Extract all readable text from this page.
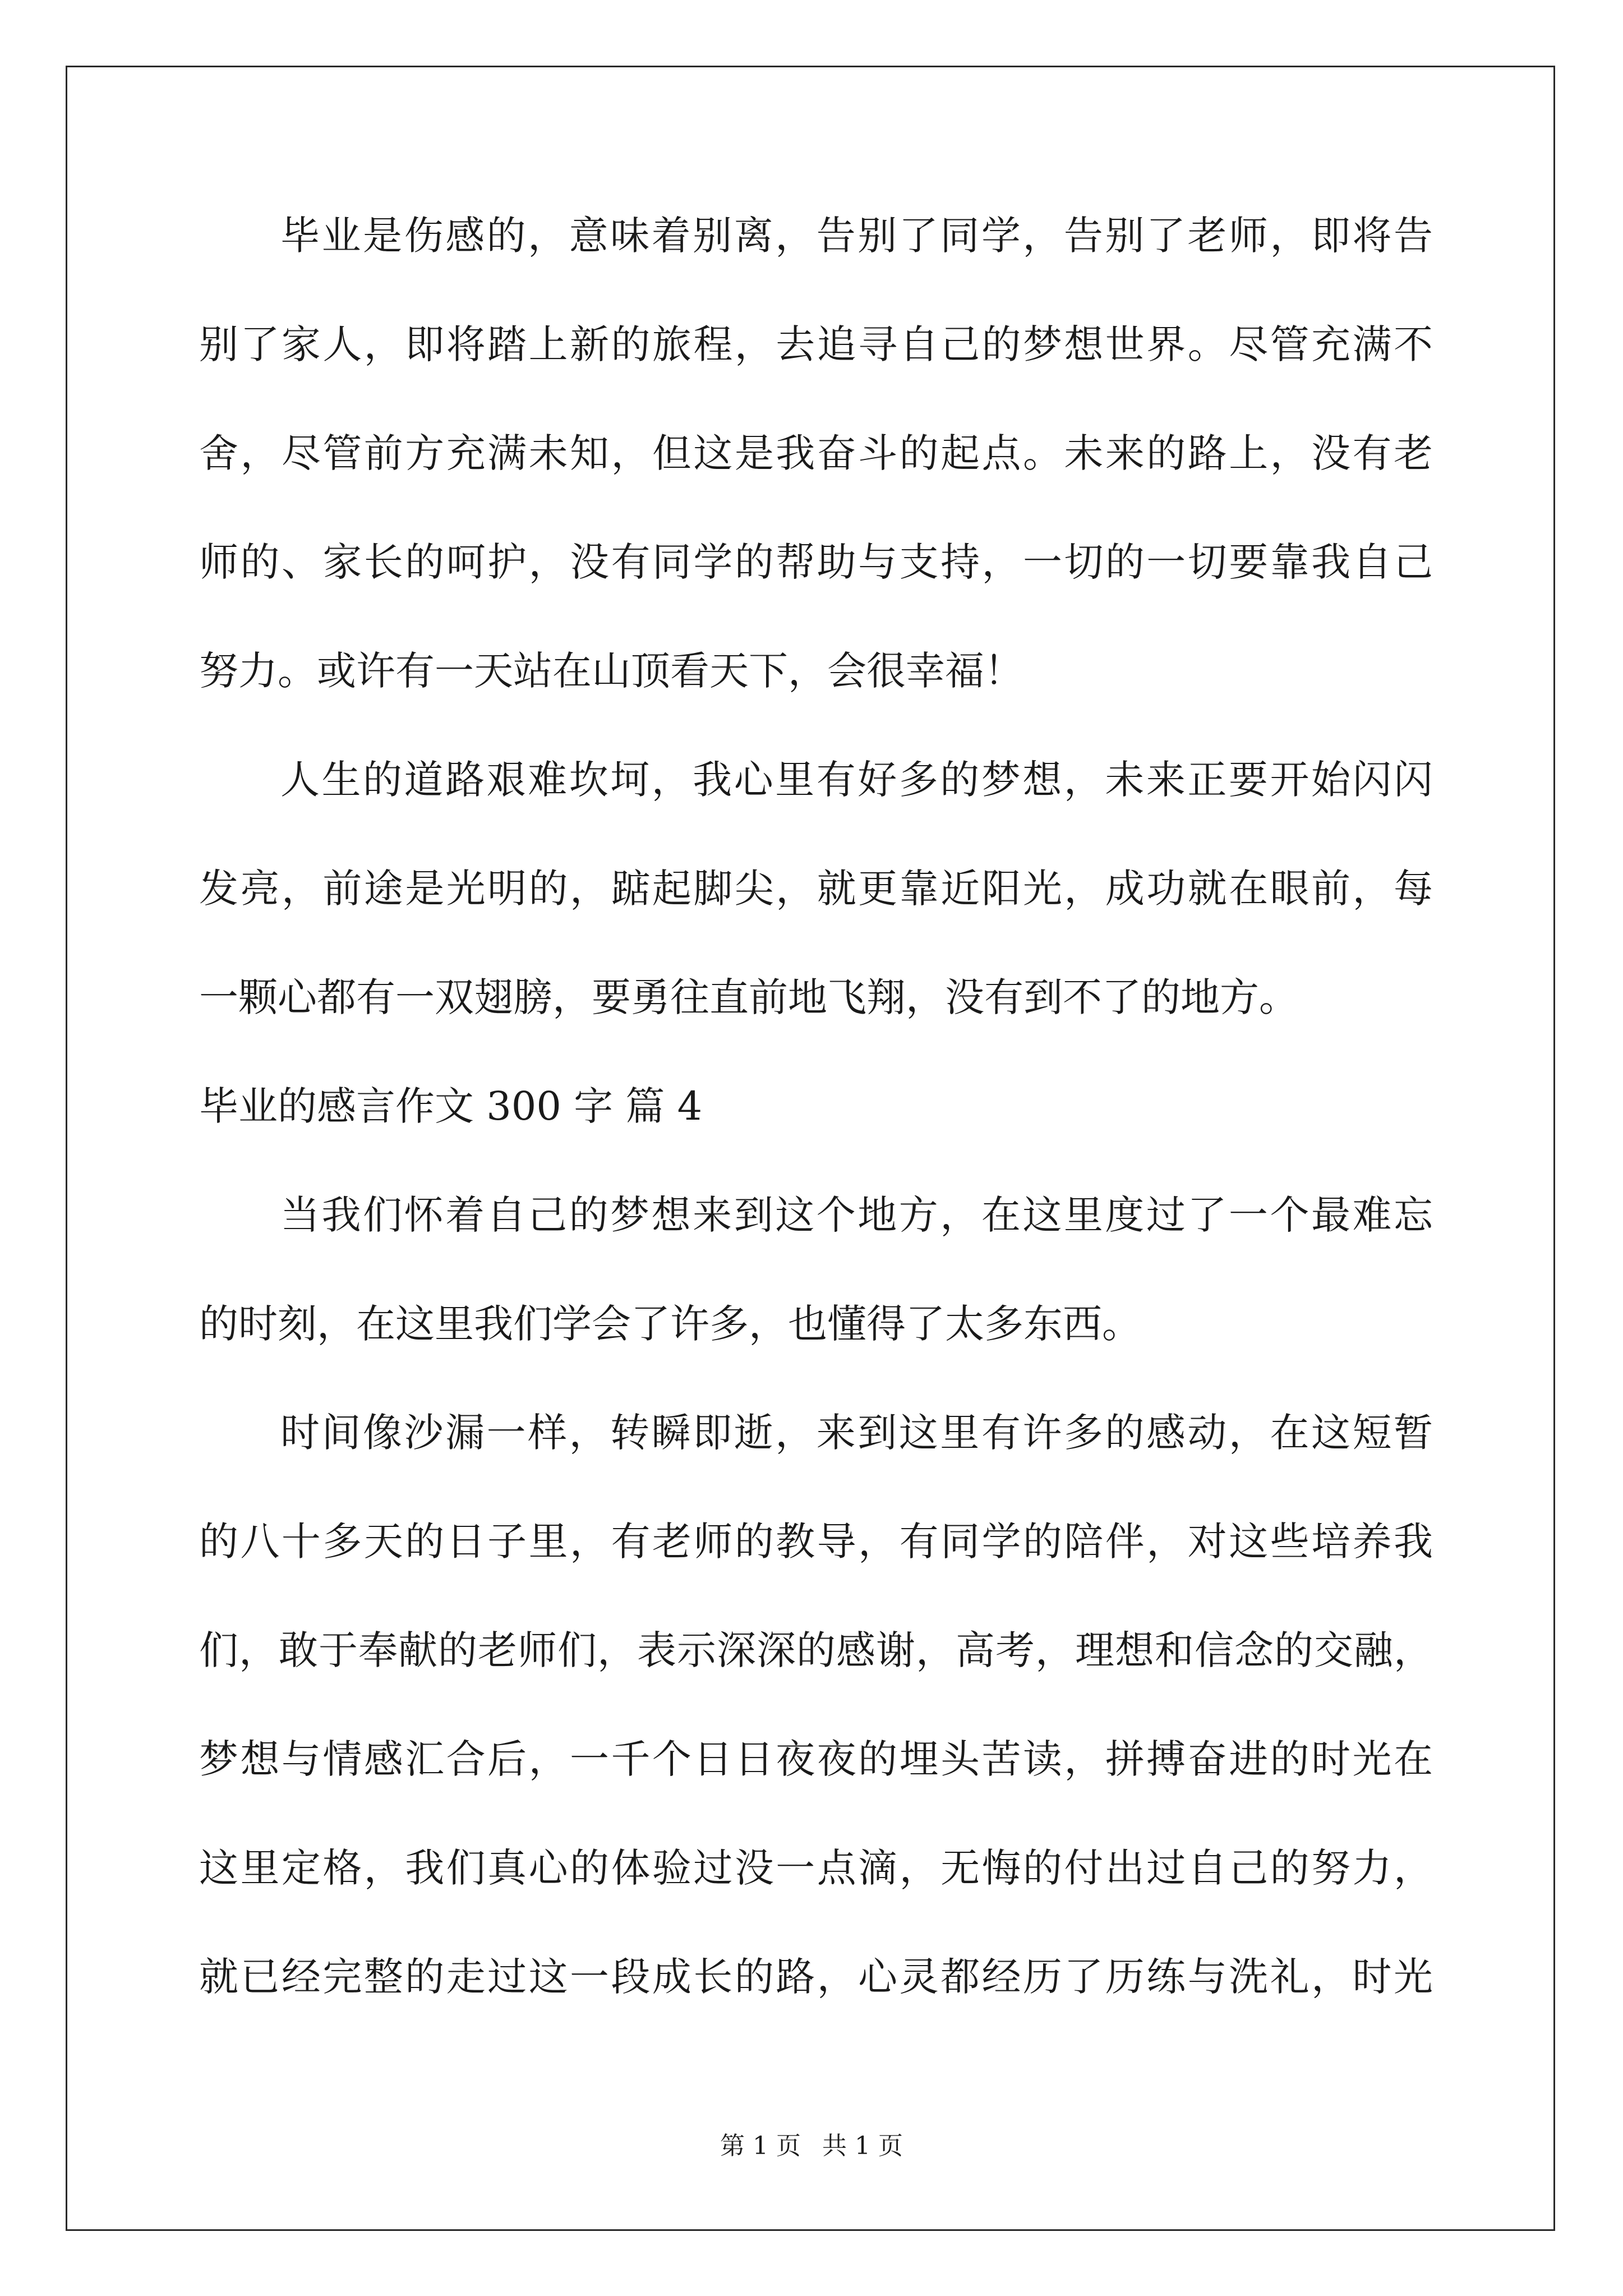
毕业是伤感的，意味着别离，告别了同学，告别了老师，即将告
别了家人，即将踏上新的旅程，去追寻自己的梦想世界。尽管充满不
舍，尽管前方充满未知，但这是我奋斗的起点。未来的路上，没有老
师的、家长的呵护，没有同学的帮助与支持，一切的一切要靠我自己
努力。或许有一天站在山顶看天下，会很幸福！
人生的道路艰难坎坷，我心里有好多的梦想，未来正要开始闪闪
发亮，前途是光明的，踮起脚尖，就更靠近阳光，成功就在眼前，每
一颗心都有一双翅膀，要勇往直前地飞翔，没有到不了的地方。
毕业的感言作文 300 字 篇 4
当我们怀着自己的梦想来到这个地方，在这里度过了一个最难忘
的时刻，在这里我们学会了许多，也懂得了太多东西。
时间像沙漏一样，转瞬即逝，来到这里有许多的感动，在这短暂
的八十多天的日子里，有老师的教导，有同学的陪伴，对这些培养我
们，敢于奉献的老师们，表示深深的感谢，高考，理想和信念的交融，
梦想与情感汇合后，一千个日日夜夜的埋头苦读，拼搏奋进的时光在
这里定格，我们真心的体验过没一点滴，无悔的付出过自己的努力，
就已经完整的走过这一段成长的路，心灵都经历了历练与洗礼，时光
第 1 页 共 1 页
